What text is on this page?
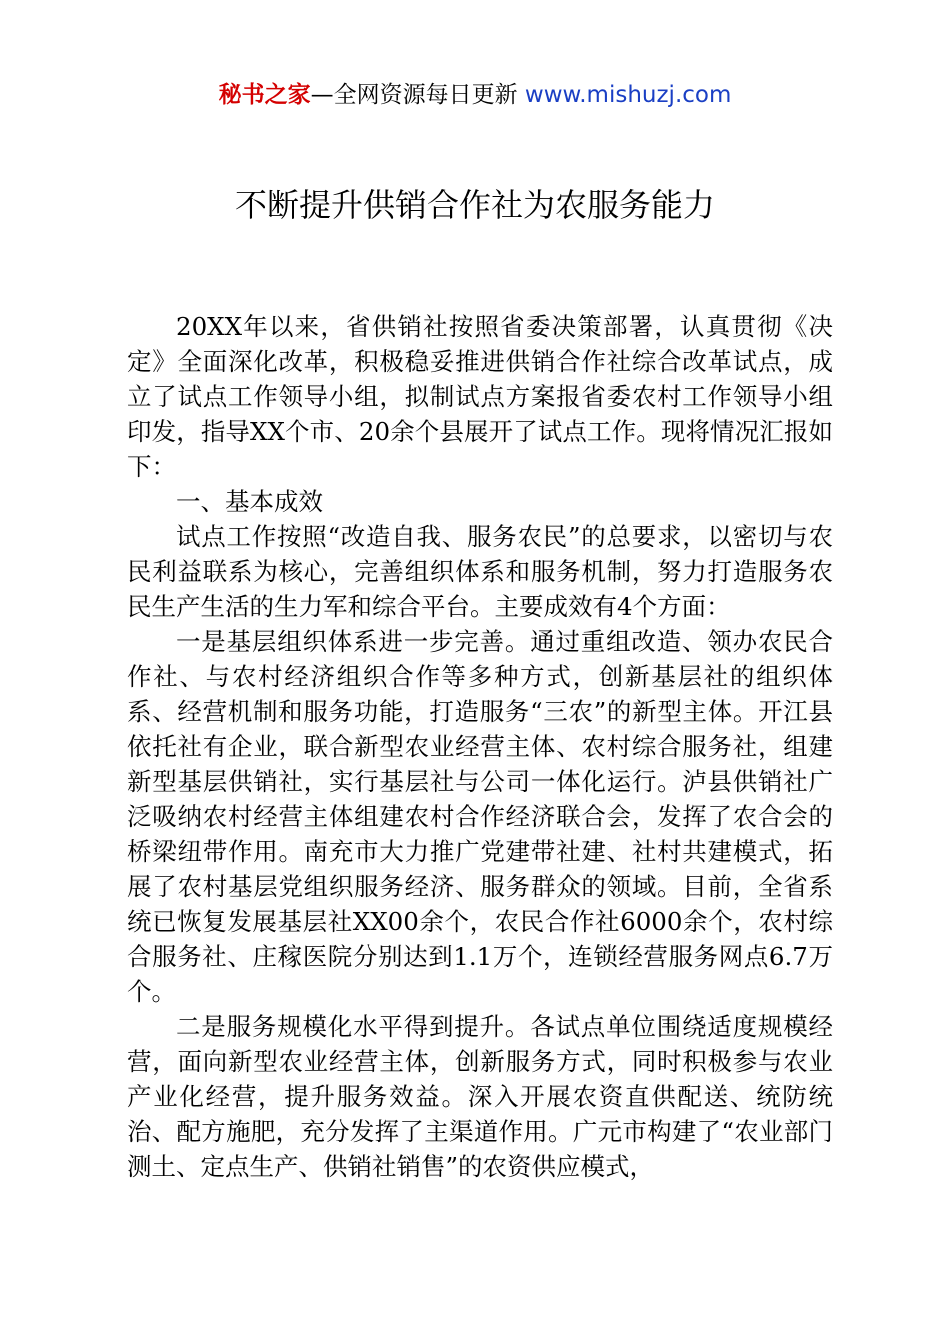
秘书之家—全网资源每日更新 www.mishuzj.com
不断提升供销合作社为农服务能力

20XX年以来，省供销社按照省委决策部署，认真贯彻《决定》全面深化改革，积极稳妥推进供销合作社综合改革试点，成立了试点工作领导小组，拟制试点方案报省委农村工作领导小组印发，指导XX个市、20余个县展开了试点工作。现将情况汇报如下：

一、基本成效

试点工作按照“改造自我、服务农民”的总要求，以密切与农民利益联系为核心，完善组织体系和服务机制，努力打造服务农民生产生活的生力军和综合平台。主要成效有4个方面：

一是基层组织体系进一步完善。通过重组改造、领办农民合作社、与农村经济组织合作等多种方式，创新基层社的组织体系、经营机制和服务功能，打造服务“三农”的新型主体。开江县依托社有企业，联合新型农业经营主体、农村综合服务社，组建新型基层供销社，实行基层社与公司一体化运行。泸县供销社广泛吸纳农村经营主体组建农村合作经济联合会，发挥了农合会的桥梁纽带作用。南充市大力推广党建带社建、社村共建模式，拓展了农村基层党组织服务经济、服务群众的领域。目前，全省系统已恢复发展基层社XX00余个，农民合作社6000余个，农村综合服务社、庄稼医院分别达到1.1万个，连锁经营服务网点6.7万个。

二是服务规模化水平得到提升。各试点单位围绕适度规模经营，面向新型农业经营主体，创新服务方式，同时积极参与农业产业化经营，提升服务效益。深入开展农资直供配送、统防统治、配方施肥，充分发挥了主渠道作用。广元市构建了“农业部门测土、定点生产、供销社销售”的农资供应模式，
